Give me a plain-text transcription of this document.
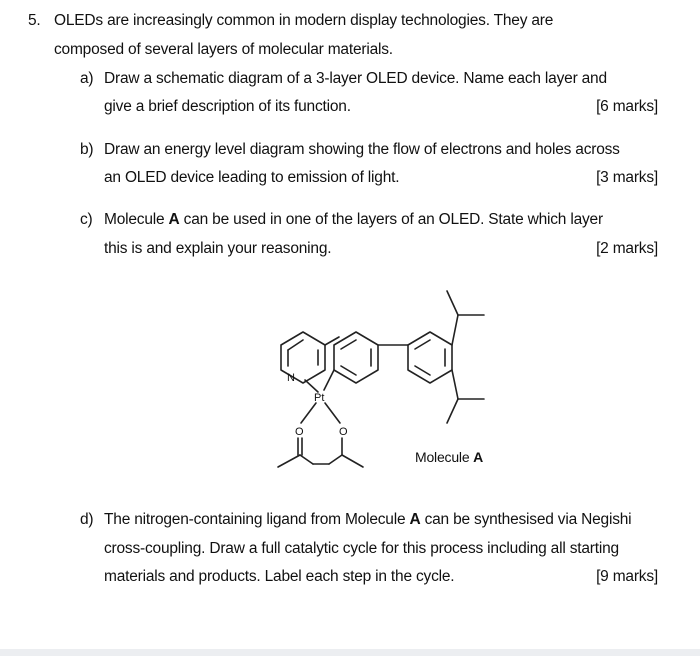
5. OLEDs are increasingly common in modern display technologies. They are
composed of several layers of molecular materials.
a) Draw a schematic diagram of a 3-layer OLED device. Name each layer and
give a brief description of its function.	[6 marks]
b) Draw an energy level diagram showing the flow of electrons and holes across
an OLED device leading to emission of light.	[3 marks]
c) Molecule A can be used in one of the layers of an OLED. State which layer
this is and explain your reasoning.	[2 marks]
N
Pt
O	O
Molecule A
d) The nitrogen-containing ligand from Molecule A can be synthesised via Negishi
cross-coupling. Draw a full catalytic cycle for this process including all starting
materials and products. Label each step in the cycle.	[9 marks]
